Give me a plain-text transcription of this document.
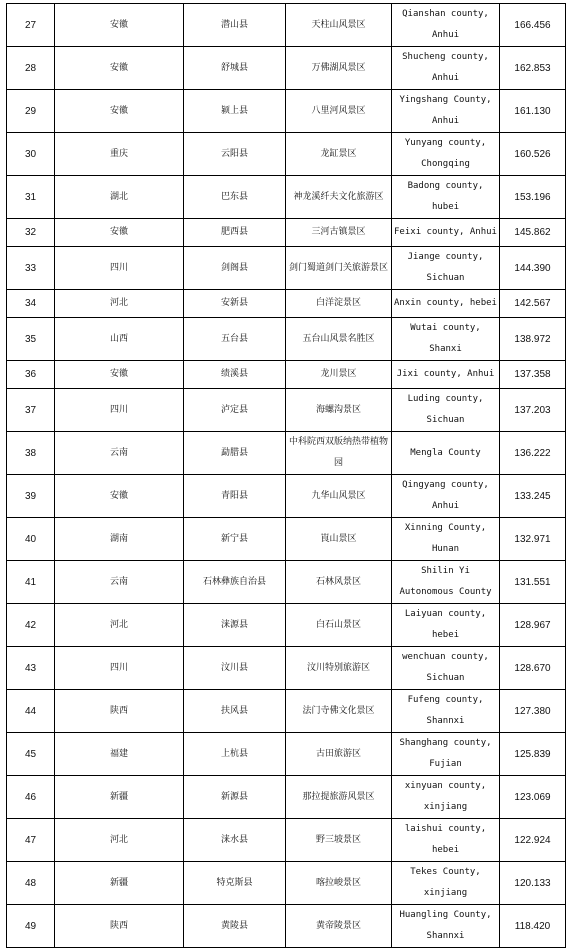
27	安徽	潜山县	天柱山风景区	Qianshan county, Anhui	166.456
28	安徽	舒城县	万佛湖风景区	Shucheng county, Anhui	162.853
29	安徽	颍上县	八里河风景区	Yingshang County, Anhui	161.130
30	重庆	云阳县	龙缸景区	Yunyang county, Chongqing	160.526
31	湖北	巴东县	神龙溪纤夫文化旅游区	Badong county, hubei	153.196
32	安徽	肥西县	三河古镇景区	Feixi county, Anhui	145.862
33	四川	剑阁县	剑门蜀道剑门关旅游景区	Jiange county, Sichuan	144.390
34	河北	安新县	白洋淀景区	Anxin county, hebei	142.567
35	山西	五台县	五台山风景名胜区	Wutai county, Shanxi	138.972
36	安徽	绩溪县	龙川景区	Jixi county, Anhui	137.358
37	四川	泸定县	海螺沟景区	Luding county, Sichuan	137.203
38	云南	勐腊县	中科院西双版纳热带植物园	Mengla County	136.222
39	安徽	青阳县	九华山风景区	Qingyang county, Anhui	133.245
40	湖南	新宁县	崀山景区	Xinning County, Hunan	132.971
41	云南	石林彝族自治县	石林风景区	Shilin Yi Autonomous County	131.551
42	河北	涞源县	白石山景区	Laiyuan county, hebei	128.967
43	四川	汶川县	汶川特别旅游区	wenchuan county, Sichuan	128.670
44	陕西	扶风县	法门寺佛文化景区	Fufeng county, Shannxi	127.380
45	福建	上杭县	古田旅游区	Shanghang county, Fujian	125.839
46	新疆	新源县	那拉提旅游风景区	xinyuan county, xinjiang	123.069
47	河北	涞水县	野三坡景区	laishui county, hebei	122.924
48	新疆	特克斯县	喀拉峻景区	Tekes County, xinjiang	120.133
49	陕西	黄陵县	黄帝陵景区	Huangling County, Shannxi	118.420
